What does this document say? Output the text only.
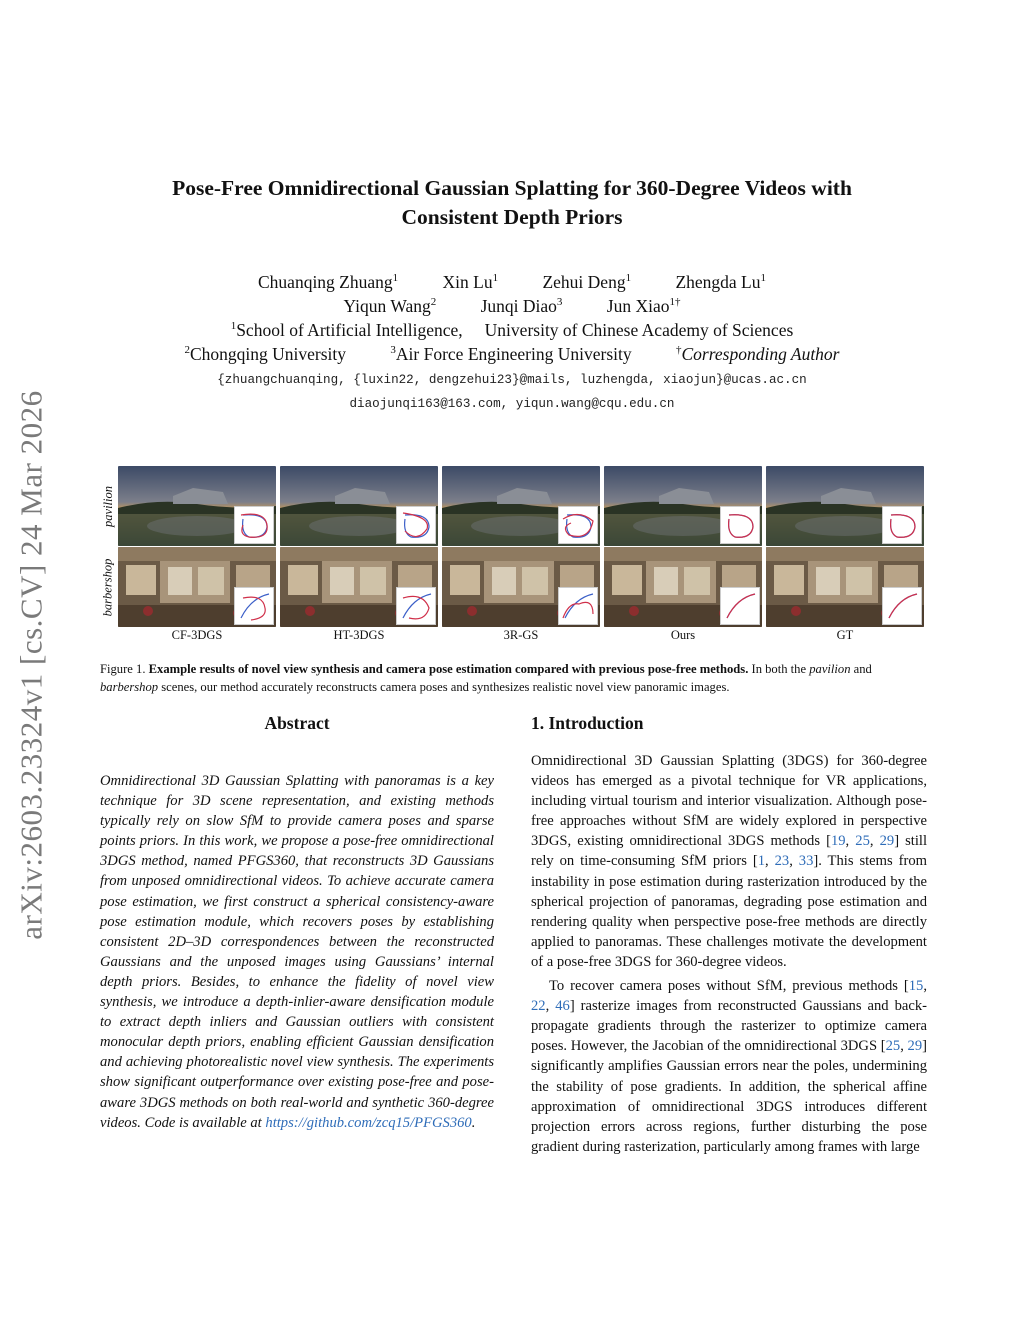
arXiv:2603.23324v1 [cs.CV] 24 Mar 2026
Pose-Free Omnidirectional Gaussian Splatting for 360-Degree Videos with
Consistent Depth Priors
Chuanqing Zhuang$^1$	Xin Lu$^1$	Zehui Deng$^1$	Zhengda Lu$^1$
Yiqun Wang$^2$	Junqi Diao$^3$	Jun Xiao$^{1\dagger}$
$^1$School of Artificial Intelligence, University of Chinese Academy of Sciences
$^2$Chongqing University	$^3$Air Force Engineering University	†Corresponding Author
{zhuangchuanqing, {luxin22, dengzehui23}@mails, luzhengda, xiaojun}@ucas.ac.cn
diaojunqi163@163.com, yiqun.wang@cqu.edu.cn
pavilion
barbershop
CF-3DGS	HT-3DGS	3R-GS	Ours	GT
Figure 1. Example results of novel view synthesis and camera pose estimation compared with previous pose-free methods. In both the pavilion and barbershop scenes, our method accurately reconstructs camera poses and synthesizes realistic novel view panoramic images.
Abstract
Omnidirectional 3D Gaussian Splatting with panoramas is a key technique for 3D scene representation, and existing methods typically rely on slow SfM to provide camera poses and sparse points priors. In this work, we propose a pose-free omnidirectional 3DGS method, named PFGS360, that reconstructs 3D Gaussians from unposed omnidirectional videos. To achieve accurate camera pose estimation, we first construct a spherical consistency-aware pose estimation module, which recovers poses by establishing consistent 2D–3D correspondences between the reconstructed Gaussians and the unposed images using Gaussians’ internal depth priors. Besides, to enhance the fidelity of novel view synthesis, we introduce a depth-inlier-aware densification module to extract depth inliers and Gaussian outliers with consistent monocular depth priors, enabling efficient Gaussian densification and achieving photorealistic novel view synthesis. The experiments show significant outperformance over existing pose-free and pose-aware 3DGS methods on both real-world and synthetic 360-degree videos. Code is available at https://github.com/zcq15/PFGS360.
1. Introduction

Omnidirectional 3D Gaussian Splatting (3DGS) for 360-degree videos has emerged as a pivotal technique for VR applications, including virtual tourism and interior visualization. Although pose-free approaches without SfM are widely explored in perspective 3DGS, existing omnidirectional 3DGS methods [19, 25, 29] still rely on time-consuming SfM priors [1, 23, 33]. This stems from instability in pose estimation during rasterization introduced by the spherical projection of panoramas, degrading pose estimation and rendering quality when perspective pose-free methods are directly applied to panoramas. These challenges motivate the development of a pose-free 3DGS for 360-degree videos.

To recover camera poses without SfM, previous methods [15, 22, 46] rasterize images from reconstructed Gaussians and back-propagate gradients through the rasterizer to optimize camera poses. However, the Jacobian of the omnidirectional 3DGS [25, 29] significantly amplifies Gaussian errors near the poles, undermining the stability of pose gradients. In addition, the spherical affine approximation of omnidirectional 3DGS introduces different projection errors across regions, further disturbing the pose gradient during rasterization, particularly among frames with large
